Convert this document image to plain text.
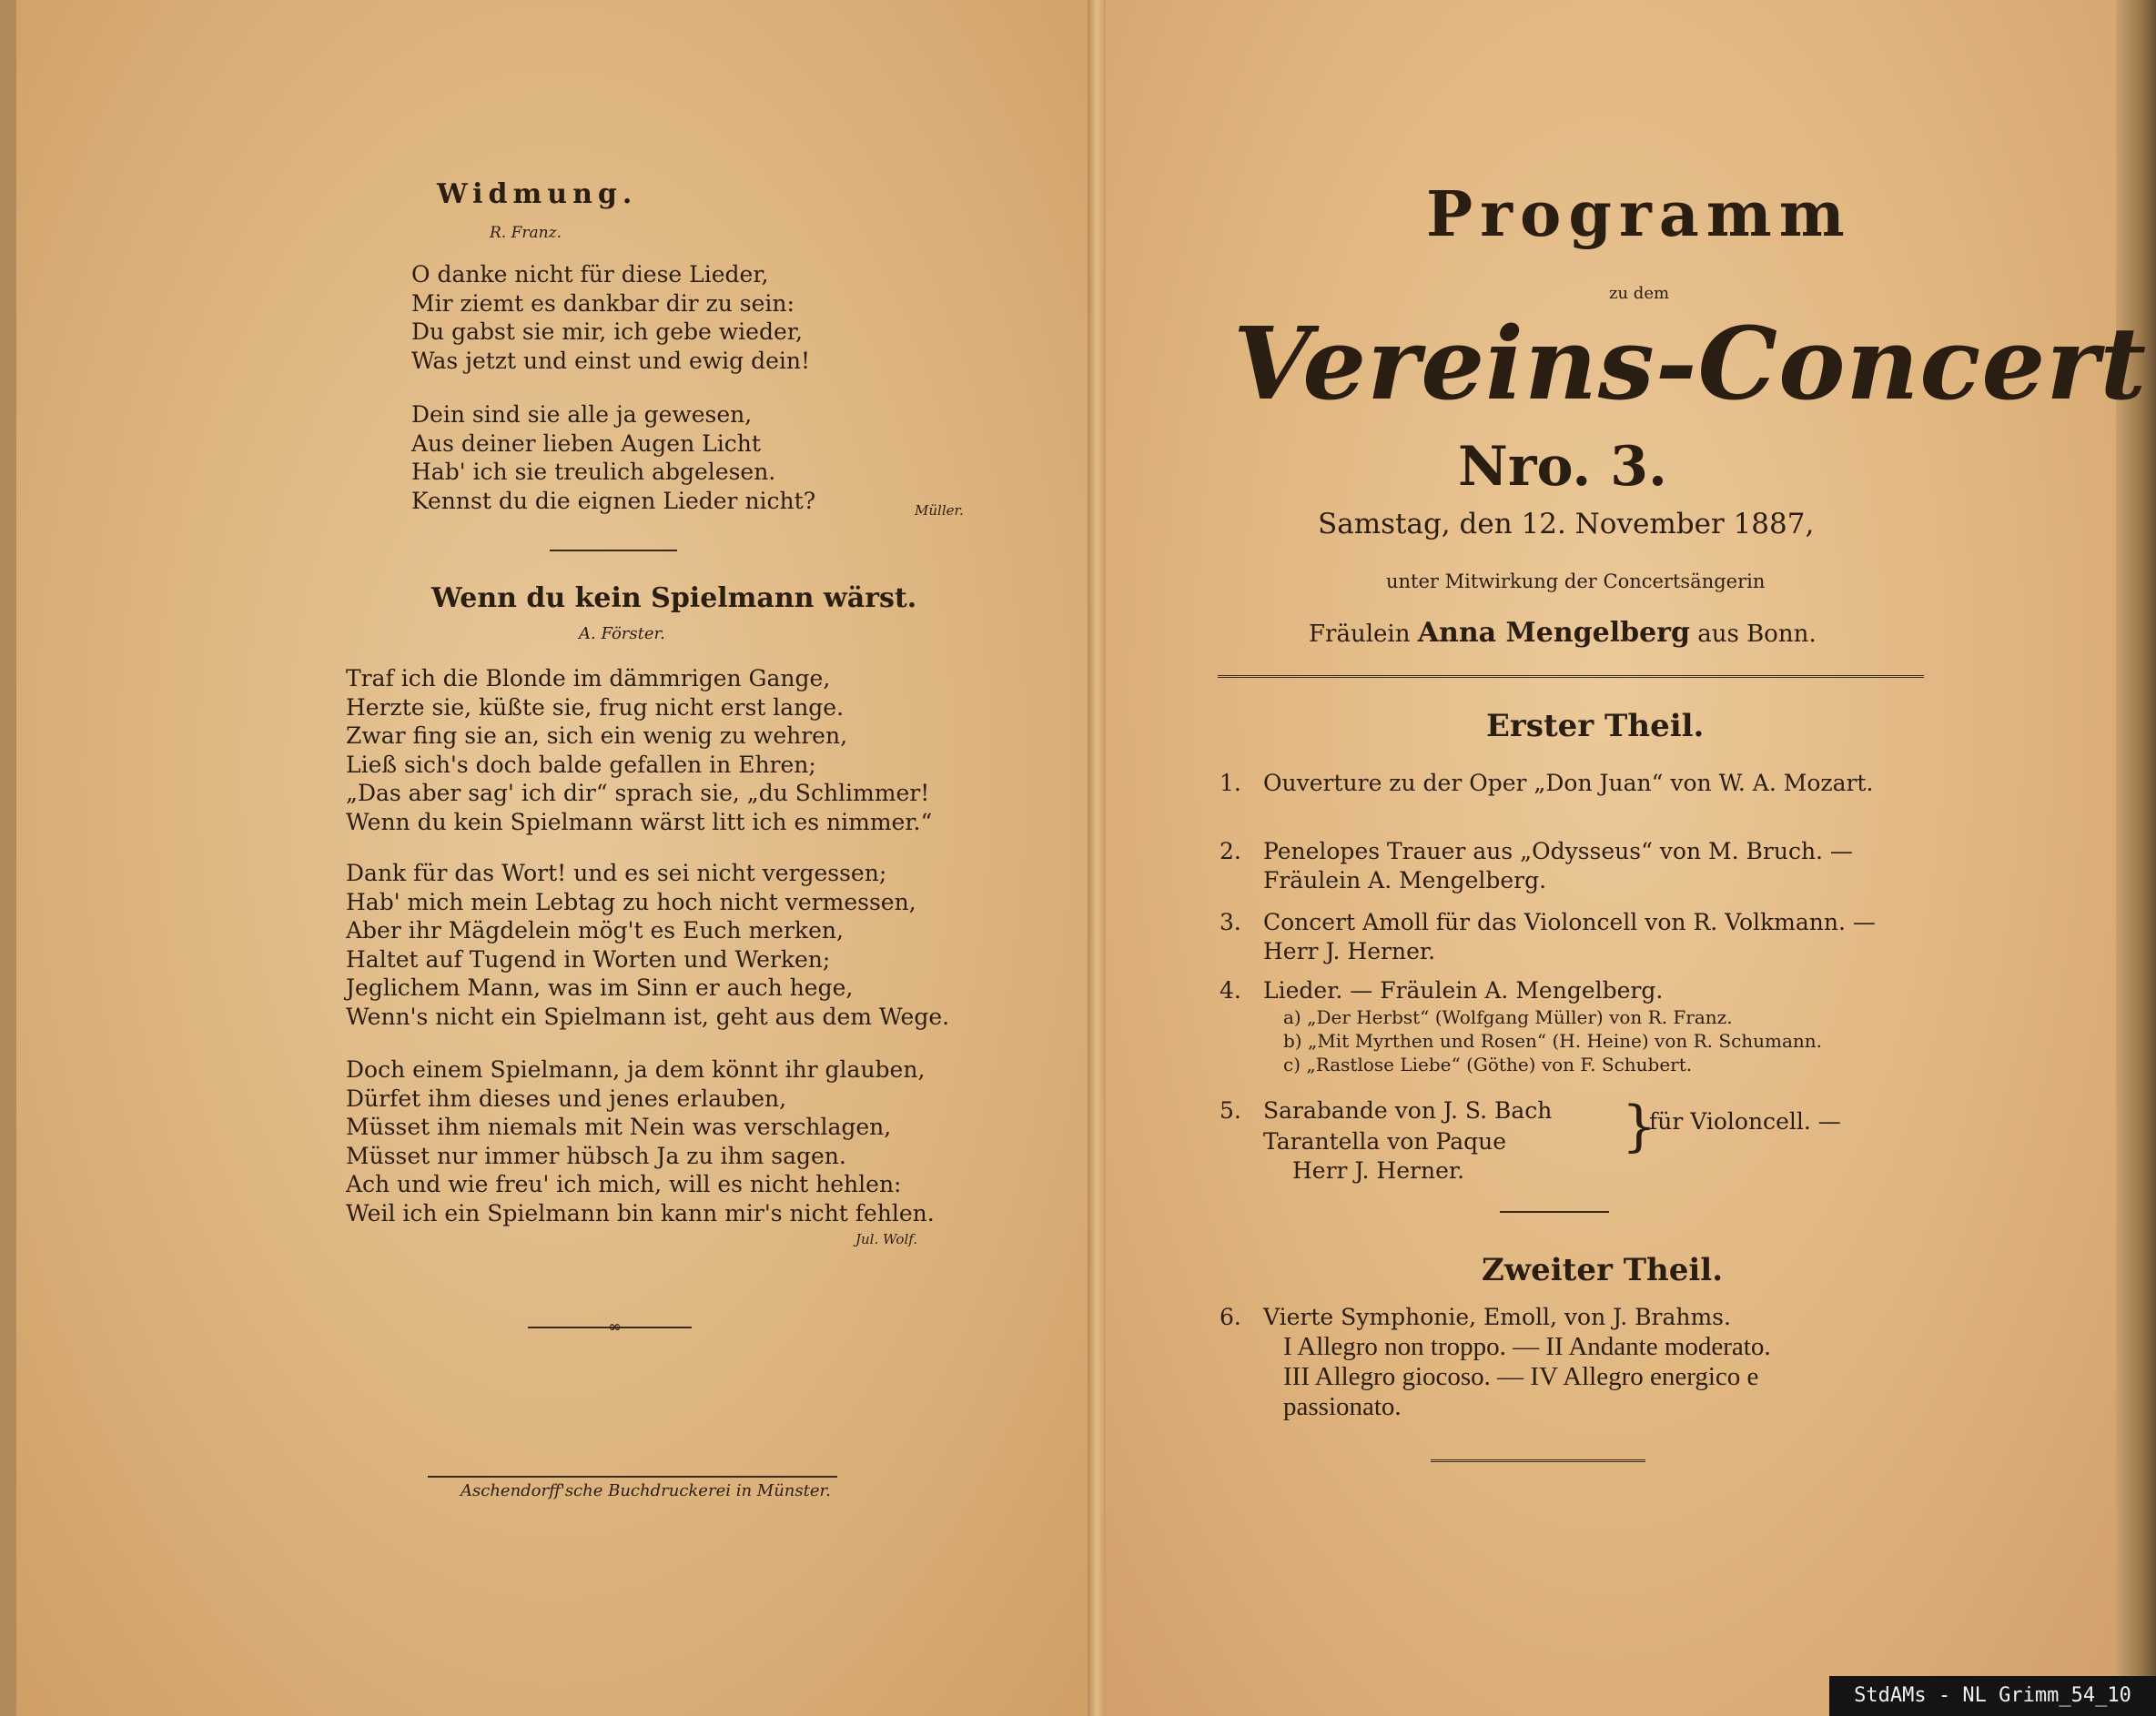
Widmung.

R. Franz.

O danke nicht für diese Lieder,
Mir ziemt es dankbar dir zu sein:
Du gabst sie mir, ich gebe wieder,
Was jetzt und einst und ewig dein!
Dein sind sie alle ja gewesen,
Aus deiner lieben Augen Licht
Hab' ich sie treulich abgelesen.
Kennst du die eignen Lieder nicht?	Müller.

Wenn du kein Spielmann wärst.

A. Förster.

Traf ich die Blonde im dämmrigen Gange,
Herzte sie, küßte sie, frug nicht erst lange.
Zwar fing sie an, sich ein wenig zu wehren,
Ließ sich's doch balde gefallen in Ehren;
„Das aber sag' ich dir“ sprach sie, „du Schlimmer!
Wenn du kein Spielmann wärst litt ich es nimmer.“
Dank für das Wort! und es sei nicht vergessen;
Hab' mich mein Lebtag zu hoch nicht vermessen,
Aber ihr Mägdelein mög't es Euch merken,
Haltet auf Tugend in Worten und Werken;
Jeglichem Mann, was im Sinn er auch hege,
Wenn's nicht ein Spielmann ist, geht aus dem Wege.
Doch einem Spielmann, ja dem könnt ihr glauben,
Dürfet ihm dieses und jenes erlauben,
Müsset ihm niemals mit Nein was verschlagen,
Müsset nur immer hübsch Ja zu ihm sagen.
Ach und wie freu' ich mich, will es nicht hehlen:
Weil ich ein Spielmann bin kann mir's nicht fehlen.

Jul. Wolf.

∞

Aschendorff'sche Buchdruckerei in Münster.

Programm

zu dem

Vereins-Concert

Nro. 3.

Samstag, den 12. November 1887,

unter Mitwirkung der Concertsängerin

Fräulein Anna Mengelberg aus Bonn.

Erster Theil.

1. Ouverture zu der Oper „Don Juan“ von W. A. Mozart.
2. Penelopes Trauer aus „Odysseus“ von M. Bruch. — Fräulein A. Mengelberg.
3. Concert Amoll für das Violoncell von R. Volkmann. — Herr J. Herner.
4. Lieder. — Fräulein A. Mengelberg.
a) „Der Herbst“ (Wolfgang Müller) von R. Franz.
b) „Mit Myrthen und Rosen“ (H. Heine) von R. Schumann.
c) „Rastlose Liebe“ (Göthe) von F. Schubert.
5. Sarabande von J. S. Bach

Tarantella von Paque

Herr J. Herner.

}

für Violoncell. —

Zweiter Theil.

6. Vierte Symphonie, Emoll, von J. Brahms.
I Allegro non troppo. — II Andante moderato.
III Allegro giocoso. — IV Allegro energico e
passionato.
StdAMs - NL Grimm_54_10
